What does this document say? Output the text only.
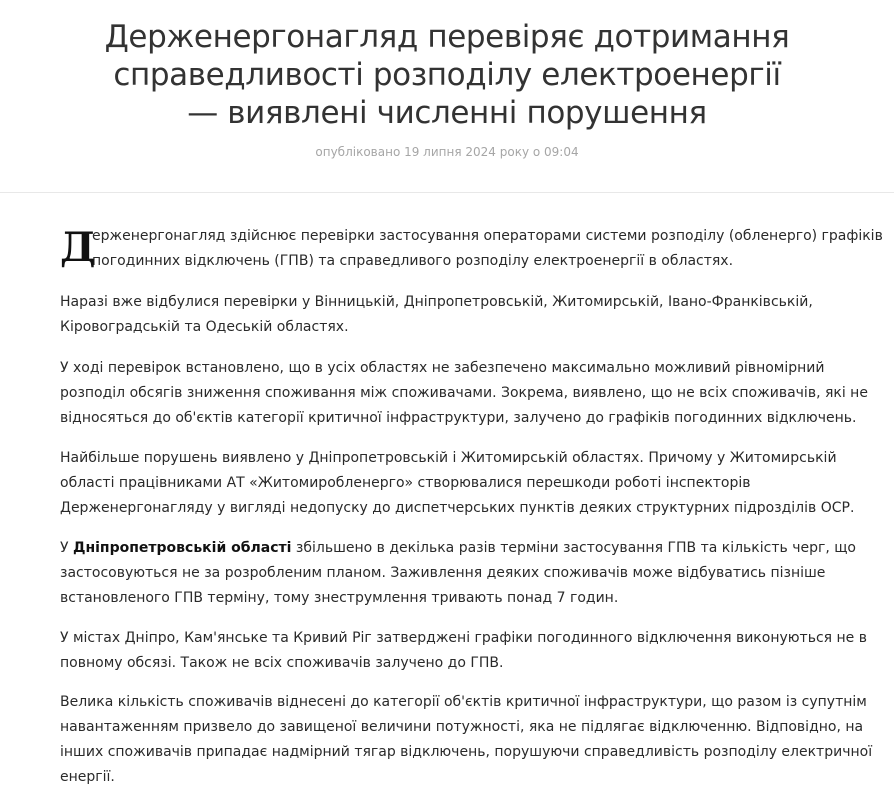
Держенергонагляд перевіряє дотримання
справедливості розподілу електроенергії
— виявлені численні порушення
опубліковано 19 липня 2024 року о 09:04

Д
ерженергонагляд здійснює перевірки застосування операторами системи розподілу (обленерго) графіків
погодинних відключень (ГПВ) та справедливого розподілу електроенергії в областях.

Наразі вже відбулися перевірки у Вінницькій, Дніпропетровській, Житомирській, Івано-Франківській,
Кіровоградській та Одеській областях.

У ході перевірок встановлено, що в усіх областях не забезпечено максимально можливий рівномірний
розподіл обсягів зниження споживання між споживачами. Зокрема, виявлено, що не всіх споживачів, які не
відносяться до об'єктів категорії критичної інфраструктури, залучено до графіків погодинних відключень.

Найбільше порушень виявлено у Дніпропетровській і Житомирській областях. Причому у Житомирській
області працівниками АТ «Житомиробленерго» створювалися перешкоди роботі інспекторів
Держенергонагляду у вигляді недопуску до диспетчерських пунктів деяких структурних підрозділів ОСР.

У Дніпропетровській області збільшено в декілька разів терміни застосування ГПВ та кількість черг, що
застосовуються не за розробленим планом. Заживлення деяких споживачів може відбуватись пізніше
встановленого ГПВ терміну, тому знеструмлення тривають понад 7 годин.

У містах Дніпро, Кам'янське та Кривий Ріг затверджені графіки погодинного відключення виконуються не в
повному обсязі. Також не всіх споживачів залучено до ГПВ.

Велика кількість споживачів віднесені до категорії об'єктів критичної інфраструктури, що разом із супутнім
навантаженням призвело до завищеної величини потужності, яка не підлягає відключенню. Відповідно, на
інших споживачів припадає надмірний тягар відключень, порушуючи справедливість розподілу електричної
енергії.
